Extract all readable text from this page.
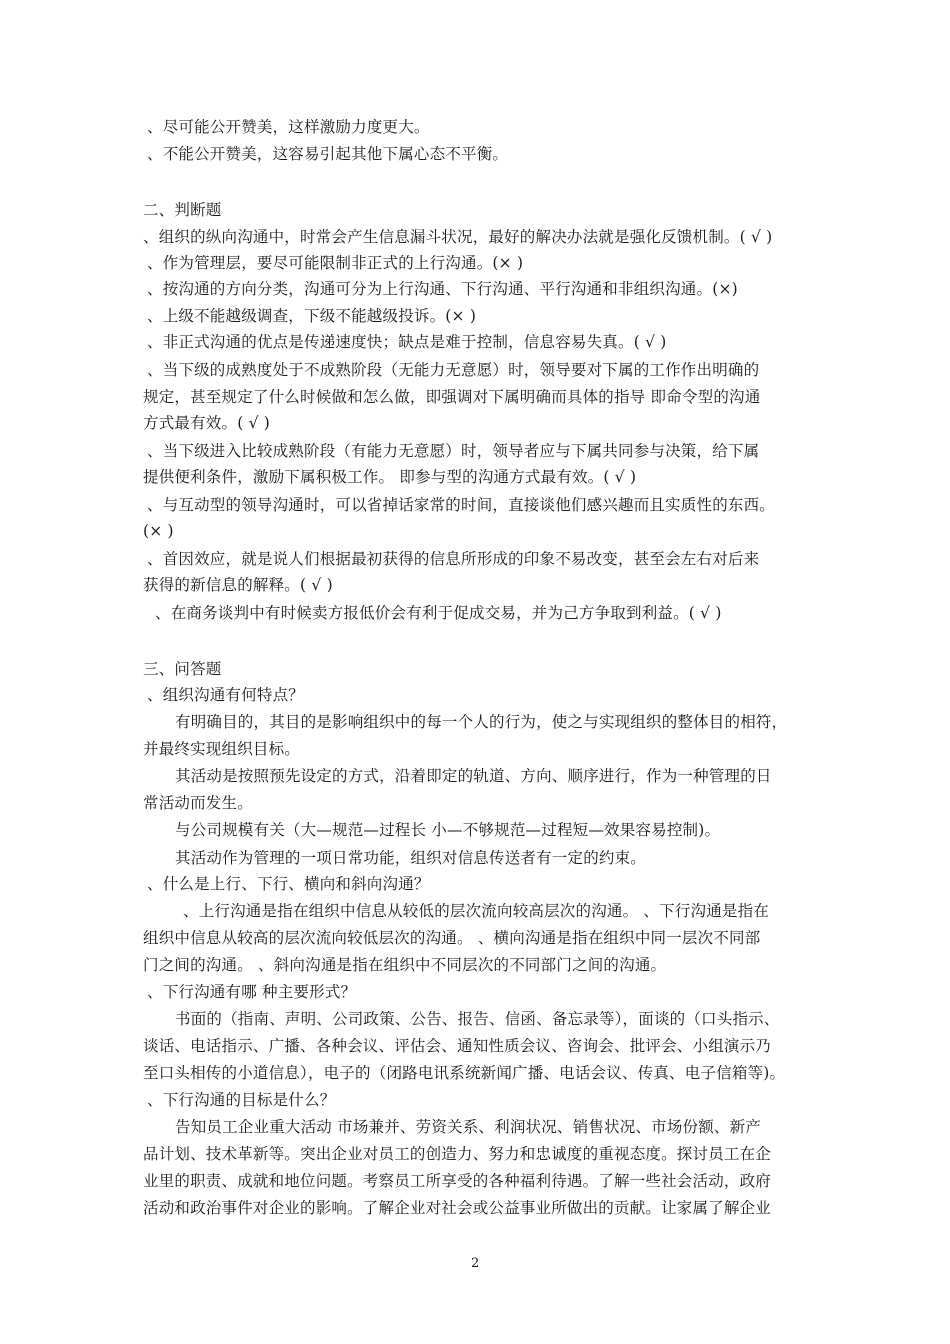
、尽可能公开赞美，这样激励力度更大。
、不能公开赞美，这容易引起其他下属心态不平衡。
二、判断题
、组织的纵向沟通中，时常会产生信息漏斗状况，最好的解决办法就是强化反馈机制。( √ )
、作为管理层，要尽可能限制非正式的上行沟通。(× )
、按沟通的方向分类，沟通可分为上行沟通、下行沟通、平行沟通和非组织沟通。(×)
、上级不能越级调查，下级不能越级投诉。(× )
、非正式沟通的优点是传递速度快；缺点是难于控制，信息容易失真。( √ )
、当下级的成熟度处于不成熟阶段（无能力无意愿）时，领导要对下属的工作作出明确的
规定，甚至规定了什么时候做和怎么做，即强调对下属明确而具体的指导 即命令型的沟通
方式最有效。( √ )
、当下级进入比较成熟阶段（有能力无意愿）时，领导者应与下属共同参与决策，给下属
提供便利条件，激励下属积极工作。 即参与型的沟通方式最有效。( √ )
、与互动型的领导沟通时，可以省掉话家常的时间，直接谈他们感兴趣而且实质性的东西。
(× )
、首因效应，就是说人们根据最初获得的信息所形成的印象不易改变，甚至会左右对后来
获得的新信息的解释。( √ )
、在商务谈判中有时候卖方报低价会有利于促成交易，并为己方争取到利益。( √ )
三、问答题
、组织沟通有何特点？
有明确目的，其目的是影响组织中的每一个人的行为，使之与实现组织的整体目的相符，
并最终实现组织目标。
其活动是按照预先设定的方式，沿着即定的轨道、方向、顺序进行，作为一种管理的日
常活动而发生。
与公司规模有关（大—规范—过程长 小—不够规范—过程短—效果容易控制)。
其活动作为管理的一项日常功能，组织对信息传送者有一定的约束。
、什么是上行、下行、横向和斜向沟通？
、上行沟通是指在组织中信息从较低的层次流向较高层次的沟通。 、下行沟通是指在
组织中信息从较高的层次流向较低层次的沟通。 、横向沟通是指在组织中同一层次不同部
门之间的沟通。 、斜向沟通是指在组织中不同层次的不同部门之间的沟通。
、下行沟通有哪 种主要形式？
书面的（指南、声明、公司政策、公告、报告、信函、备忘录等），面谈的（口头指示、
谈话、电话指示、广播、各种会议、评估会、通知性质会议、咨询会、批评会、小组演示乃
至口头相传的小道信息），电子的（闭路电讯系统新闻广播、电话会议、传真、电子信箱等)。
、下行沟通的目标是什么？
告知员工企业重大活动 市场兼并、劳资关系、利润状况、销售状况、市场份额、新产
品计划、技术革新等。突出企业对员工的创造力、努力和忠诚度的重视态度。探讨员工在企
业里的职责、成就和地位问题。考察员工所享受的各种福利待遇。了解一些社会活动，政府
活动和政治事件对企业的影响。了解企业对社会或公益事业所做出的贡献。让家属了解企业
2
